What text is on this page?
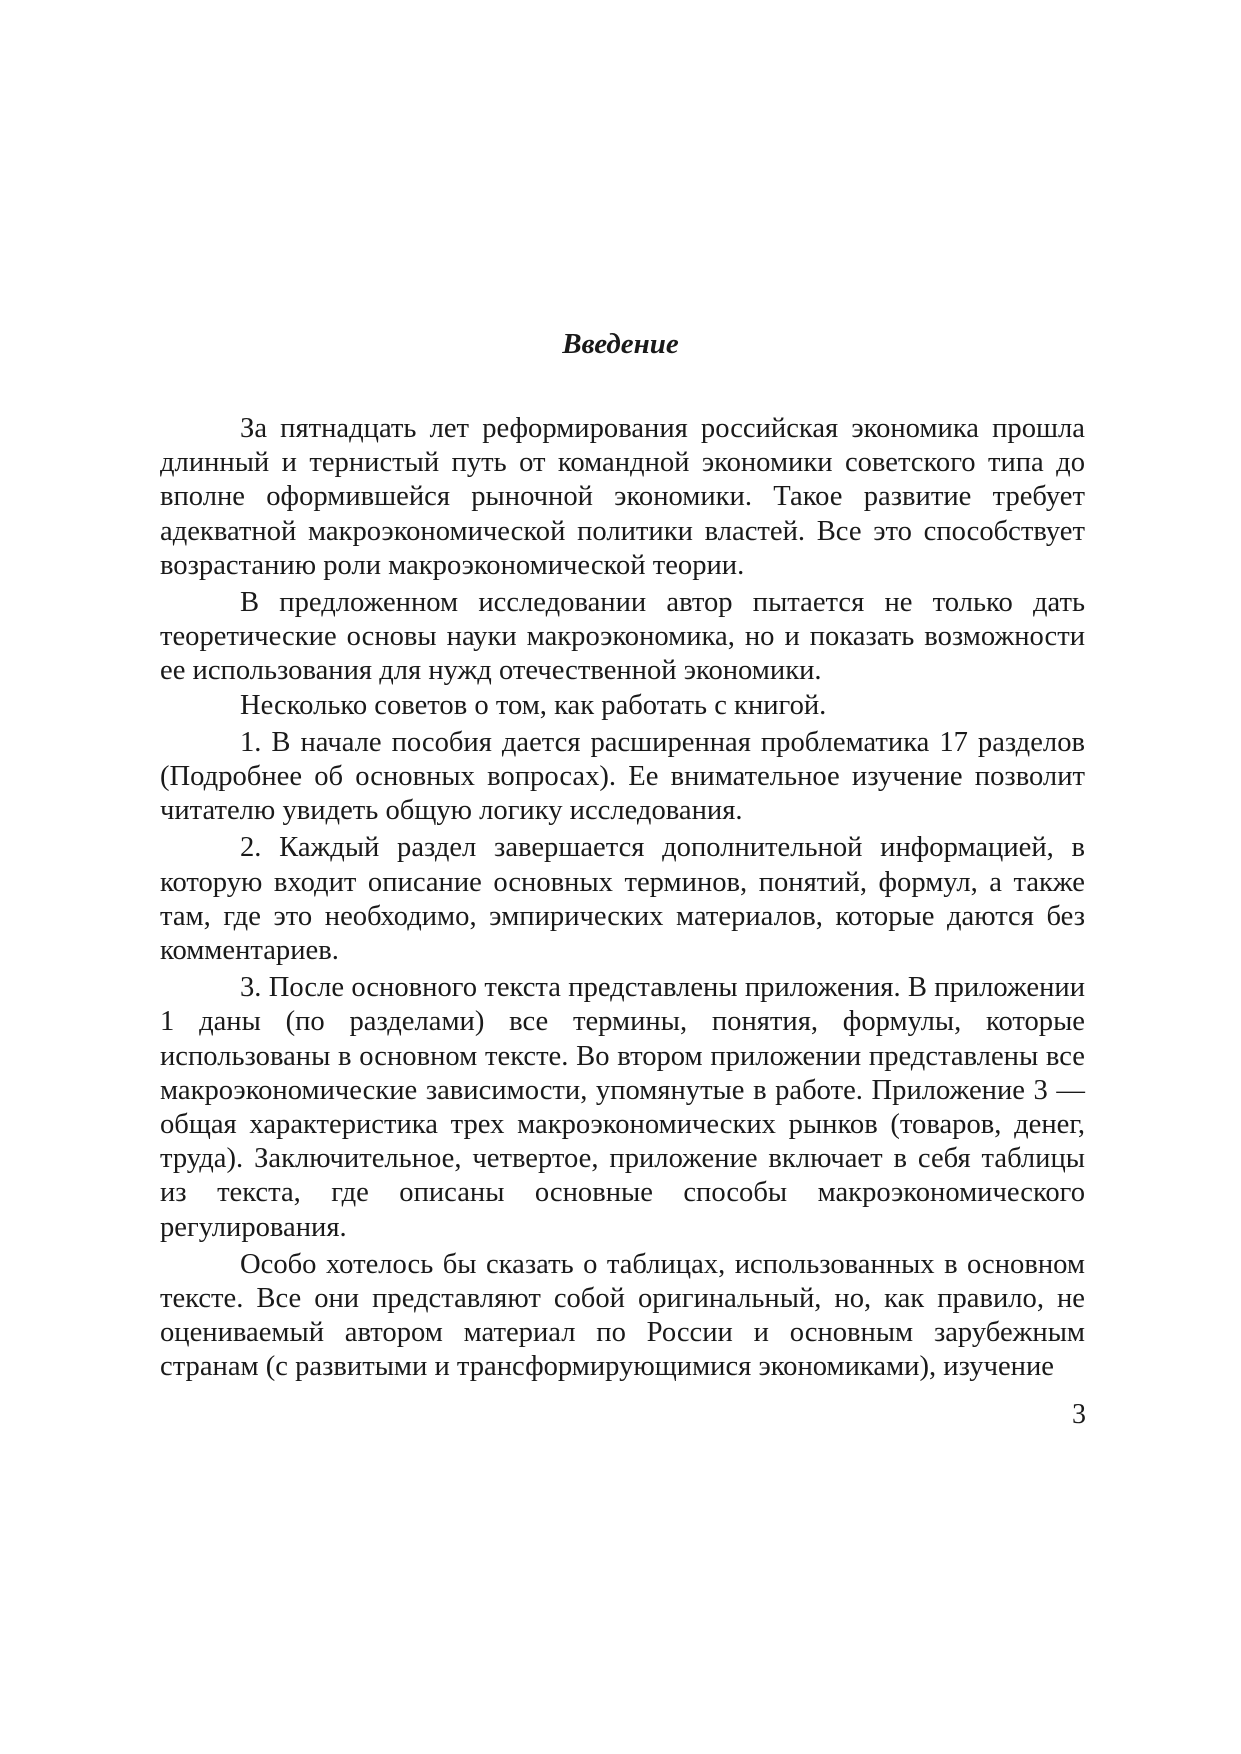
Введение

За пятнадцать лет реформирования российская экономика прошла длинный и тернистый путь от командной экономики советского типа до вполне оформившейся рыночной экономики. Такое развитие требует адекватной макроэкономической политики властей. Все это способствует возрастанию роли макроэкономической теории.

В предложенном исследовании автор пытается не только дать теоретические основы науки макроэкономика, но и показать возможности ее использования для нужд отечественной экономики.

Несколько советов о том, как работать с книгой.

1. В начале пособия дается расширенная проблематика 17 разделов (Подробнее об основных вопросах). Ее внимательное изучение позволит читателю увидеть общую логику исследования.

2. Каждый раздел завершается дополнительной информацией, в которую входит описание основных терминов, понятий, формул, а также там, где это необходимо, эмпирических материалов, которые даются без комментариев.

3. После основного текста представлены приложения. В приложении 1 даны (по разделами) все термины, понятия, формулы, которые использованы в основном тексте. Во втором приложении представлены все макроэкономические зависимости, упомянутые в работе. Приложение 3 — общая характеристика трех макроэкономических рынков (товаров, денег, труда). Заключительное, четвертое, приложение включает в себя таблицы из текста, где описаны основные способы макроэкономического регулирования.

Особо хотелось бы сказать о таблицах, использованных в основном тексте. Все они представляют собой оригинальный, но, как правило, не оцениваемый автором материал по России и основным зарубежным странам (с развитыми и трансформирующимися экономиками), изучение

3
